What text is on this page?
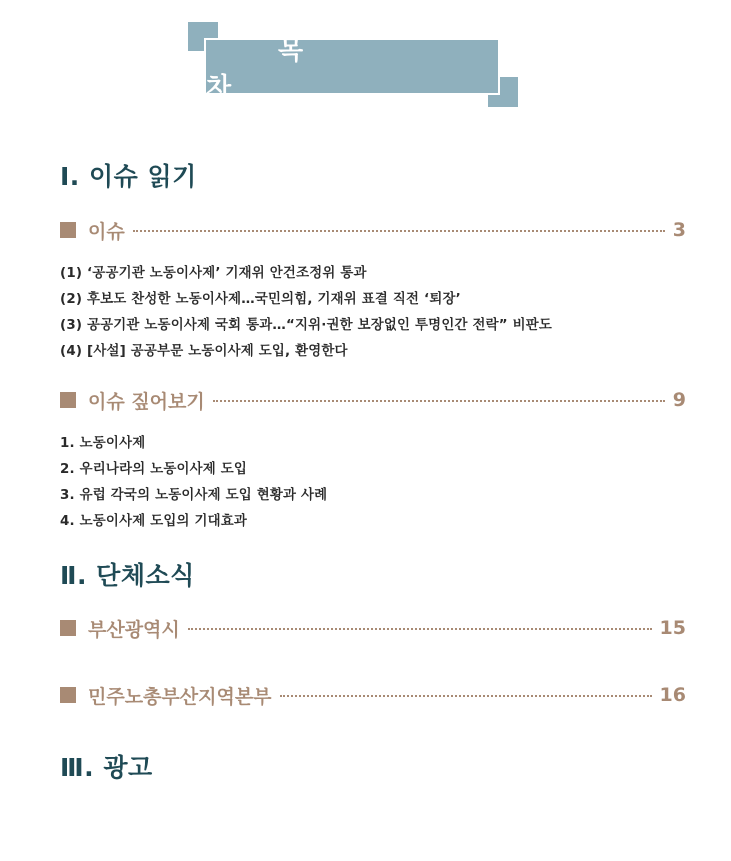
목 차
Ⅰ. 이슈 읽기
이슈	3
(1) ‘공공기관 노동이사제’ 기재위 안건조정위 통과
(2) 후보도 찬성한 노동이사제…국민의힘, 기재위 표결 직전 ‘퇴장’
(3) 공공기관 노동이사제 국회 통과…“지위·권한 보장없인 투명인간 전락” 비판도
(4) [사설] 공공부문 노동이사제 도입, 환영한다
이슈 짚어보기	9
1. 노동이사제
2. 우리나라의 노동이사제 도입
3. 유럽 각국의 노동이사제 도입 현황과 사례
4. 노동이사제 도입의 기대효과
Ⅱ. 단체소식
부산광역시	15
민주노총부산지역본부	16
Ⅲ. 광고
